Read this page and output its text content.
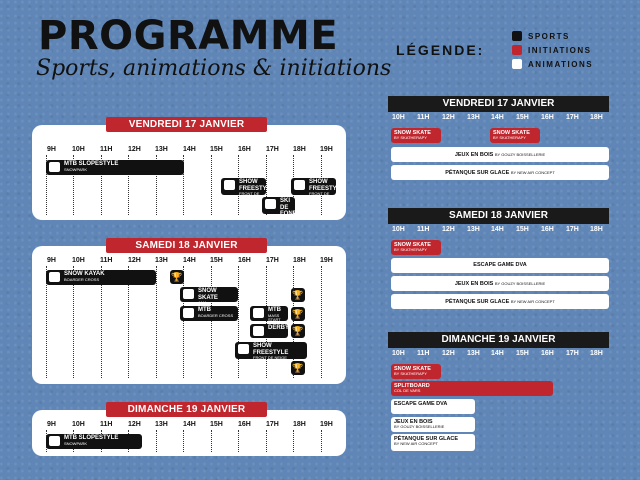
PROGRAMME
Sports, animations & initiations
LÉGENDE:
SPORTS
INITIATIONS
ANIMATIONS
9H 10H 11H 12H 13H 14H 15H 16H 17H 18H 19H
MTB SLOPESTYLE
SNOWPARK
SHOW FREESTYLE
FRONT DE NEIGE
SHOW FREESTYLE
FRONT DE NEIGE
SKI DE FOND
VENDREDI 17 JANVIER
9H 10H 11H 12H 13H 14H 15H 16H 17H 18H 19H
SNOW KAYAK
BOARDER CROSS	🏆
SNOW SKATE
JAM
🏆
MTB
BOARDER CROSS
MTB
MASS START
🏆
DERBY 🏆
SHOW FREESTYLE
FRONT DE NEIGE
🏆
SAMEDI 18 JANVIER
9H 10H 11H 12H 13H 14H 15H 16H 17H 18H 19H
MTB SLOPESTYLE
SNOWPARK
DIMANCHE 19 JANVIER
VENDREDI 17 JANVIER
10H 11H 12H 13H 14H 15H 16H 17H 18H
SNOW SKATE
BY SKATHERAPY
SNOW SKATE
BY SKATHERAPY
JEUX EN BOIS BY GOUZY BOISSELLERIE
PÉTANQUE SUR GLACE BY NEW AIR CONCEPT
SAMEDI 18 JANVIER
10H 11H 12H 13H 14H 15H 16H 17H 18H
SNOW SKATE
BY SKATHERAPY
ESCAPE GAME DVA
JEUX EN BOIS BY GOUZY BOISSELLERIE
PÉTANQUE SUR GLACE BY NEW AIR CONCEPT
DIMANCHE 19 JANVIER
10H 11H 12H 13H 14H 15H 16H 17H 18H
SNOW SKATE
BY SKATHERAPY
SPLITBOARD
COL DE VARS
ESCAPE GAME DVA
JEUX EN BOIS
BY GOUZY BOISSELLERIE
PÉTANQUE SUR GLACE
BY NEW AIR CONCEPT
